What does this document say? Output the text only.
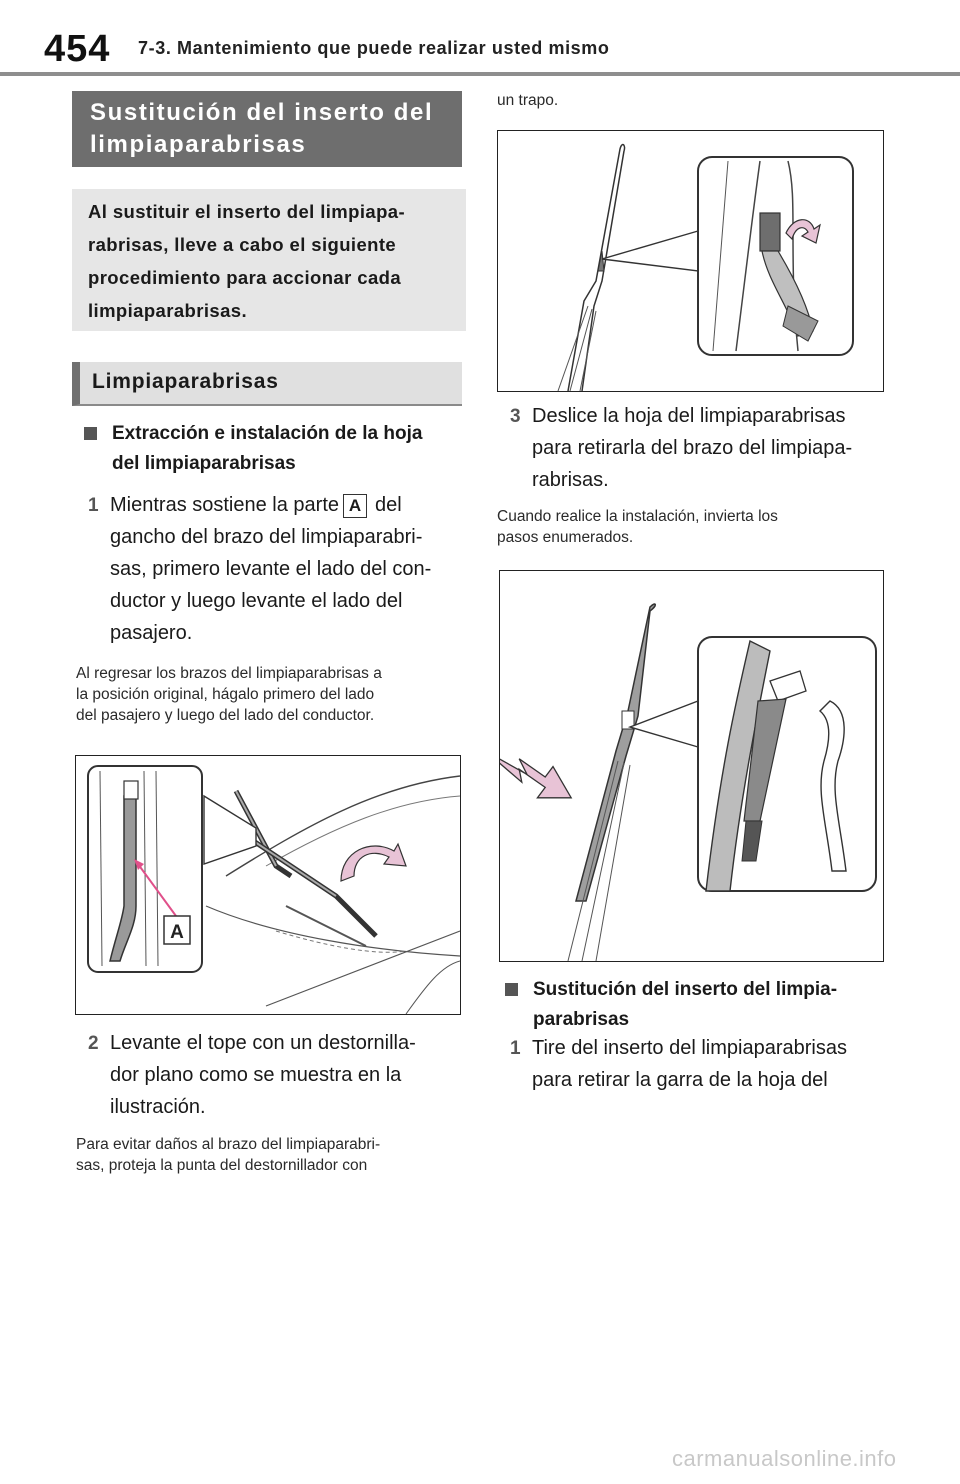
454 7-3. Mantenimiento que puede realizar usted mismo
Sustitución del inserto del
limpiaparabrisas
Al sustituir el inserto del limpiapa-
rabrisas, lleve a cabo el siguiente
procedimiento para accionar cada
limpiaparabrisas.
Limpiaparabrisas
Extracción e instalación de la hoja
del limpiaparabrisas
1 Mientras sostiene la parte A del
gancho del brazo del limpiaparabri-
sas, primero levante el lado del con-
ductor y luego levante el lado del
pasajero.
Al regresar los brazos del limpiaparabrisas a
la posición original, hágalo primero del lado
del pasajero y luego del lado del conductor.
A
2 Levante el tope con un destornilla-
dor plano como se muestra en la
ilustración.
Para evitar daños al brazo del limpiaparabri-
sas, proteja la punta del destornillador con
un trapo.
3 Deslice la hoja del limpiaparabrisas
para retirarla del brazo del limpiapa-
rabrisas.
Cuando realice la instalación, invierta los
pasos enumerados.
Sustitución del inserto del limpia-
parabrisas
1 Tire del inserto del limpiaparabrisas
para retirar la garra de la hoja del
carmanualsonline.info
